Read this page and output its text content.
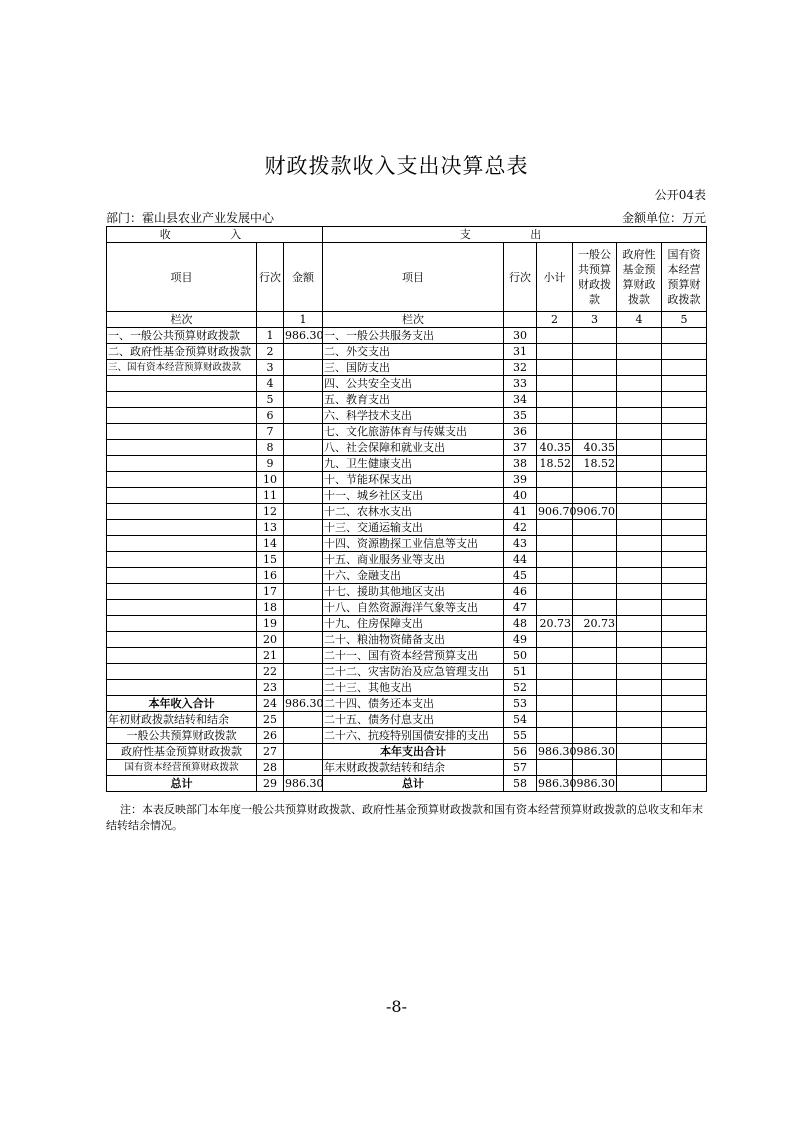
财政拨款收入支出决算总表
公开04表
部门：霍山县农业产业发展中心	金额单位：万元
收 入			支 出					
项目	行次	金额	项目	行次	小计	一般公共预算财政拨款	政府性基金预算财政拨款	国有资本经营预算财政拨款
栏次		1	栏次		2	3	4	5
一、一般公共预算财政拨款	1	986.30	一、一般公共服务支出	30				
二、政府性基金预算财政拨款	2		二、外交支出	31				
三、国有资本经营预算财政拨款	3		三、国防支出	32				
	4		四、公共安全支出	33				
	5		五、教育支出	34				
	6		六、科学技术支出	35				
	7		七、文化旅游体育与传媒支出	36				
	8		八、社会保障和就业支出	37	40.35	40.35		
	9		九、卫生健康支出	38	18.52	18.52		
	10		十、节能环保支出	39				
	11		十一、城乡社区支出	40				
	12		十二、农林水支出	41	906.70	906.70		
	13		十三、交通运输支出	42				
	14		十四、资源勘探工业信息等支出	43				
	15		十五、商业服务业等支出	44				
	16		十六、金融支出	45				
	17		十七、援助其他地区支出	46				
	18		十八、自然资源海洋气象等支出	47				
	19		十九、住房保障支出	48	20.73	20.73		
	20		二十、粮油物资储备支出	49				
	21		二十一、国有资本经营预算支出	50				
	22		二十二、灾害防治及应急管理支出	51				
	23		二十三、其他支出	52				
本年收入合计	24	986.30	二十四、债务还本支出	53				
年初财政拨款结转和结余	25		二十五、债务付息支出	54				
一般公共预算财政拨款	26		二十六、抗疫特别国债安排的支出	55				
政府性基金预算财政拨款	27		本年支出合计	56	986.30	986.30		
国有资本经营预算财政拨款	28		年末财政拨款结转和结余	57				
总计	29	986.30	总计	58	986.30	986.30		
注：本表反映部门本年度一般公共预算财政拨款、政府性基金预算财政拨款和国有资本经营预算财政拨款的总收支和年末结转结余情况。
-8-
